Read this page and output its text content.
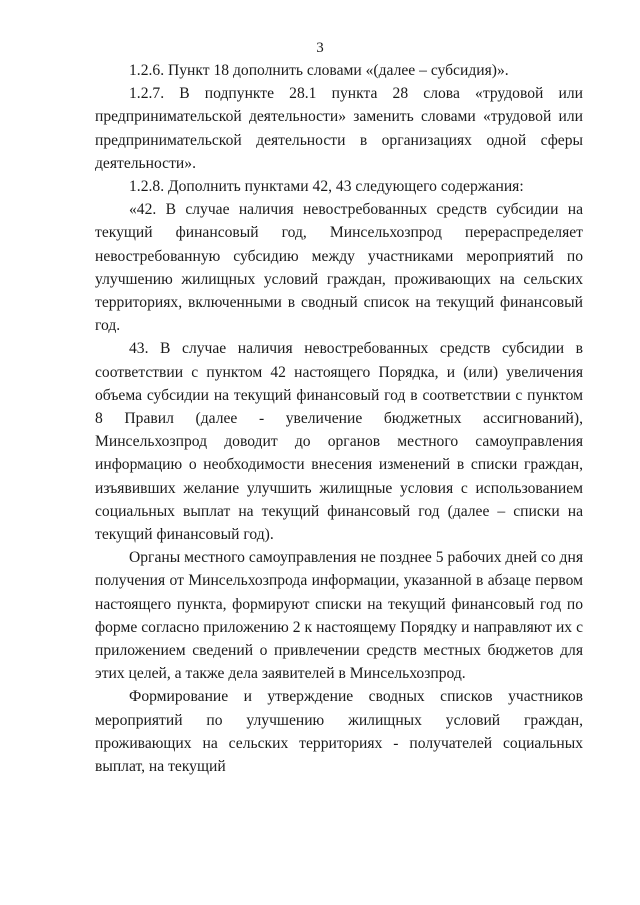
3

1.2.6. Пункт 18 дополнить словами «(далее – субсидия)».

1.2.7. В подпункте 28.1 пункта 28 слова «трудовой или предпринимательской деятельности» заменить словами «трудовой или предпринимательской деятельности в организациях одной сферы деятельности».

1.2.8. Дополнить пунктами 42, 43 следующего содержания:

«42. В случае наличия невостребованных средств субсидии на текущий финансовый год, Минсельхозпрод перераспределяет невостребованную субсидию между участниками мероприятий по улучшению жилищных условий граждан, проживающих на сельских территориях, включенными в сводный список на текущий финансовый год.

43. В случае наличия невостребованных средств субсидии в соответствии с пунктом 42 настоящего Порядка, и (или) увеличения объема субсидии на текущий финансовый год в соответствии с пунктом 8 Правил (далее - увеличение бюджетных ассигнований), Минсельхозпрод доводит до органов местного самоуправления информацию о необходимости внесения изменений в списки граждан, изъявивших желание улучшить жилищные условия с использованием социальных выплат на текущий финансовый год (далее – списки на текущий финансовый год).

Органы местного самоуправления не позднее 5 рабочих дней со дня получения от Минсельхозпрода информации, указанной в абзаце первом настоящего пункта, формируют списки на текущий финансовый год по форме согласно приложению 2 к настоящему Порядку и направляют их с приложением сведений о привлечении средств местных бюджетов для этих целей, а также дела заявителей в Минсельхозпрод.

Формирование и утверждение сводных списков участников мероприятий по улучшению жилищных условий граждан, проживающих на сельских территориях - получателей социальных выплат, на текущий
